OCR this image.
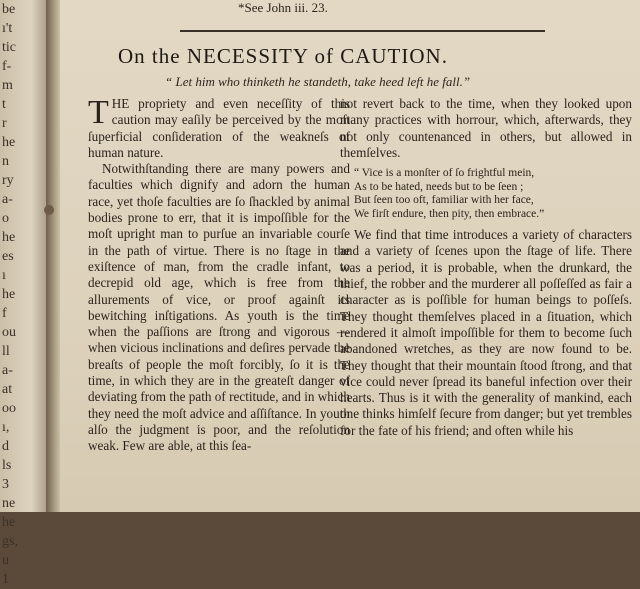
be
ı't
tic
f-
m
t
r
he
n
ry
a-
o
he
es
ı
he
f
ou
ll
a-
at
oo
ı,
d
ls
3
ne
he
gs,
u
1
*See John iii. 23.
On the NECESSITY of CAUTION.
“ Let him who thinketh he standeth, take heed left he fall.”

THE propriety and even neceſſity of this caution may eaſily be perceived by the moſt ſuperficial conſideration of the weakneſs of human nature.

Notwithſtanding there are many powers and faculties which dignify and adorn the human race, yet thoſe faculties are ſo ſhackled by animal bodies prone to err, that it is impoſſible for the moſt upright man to purſue an invariable courſe in the path of virtue. There is no ſtage in the exiſtence of man, from the cradle infant, to decrepid old age, which is free from the allurements of vice, or proof againſt its bewitching inſtigations. As youth is the time when the paſſions are ſtrong and vigorous —when vicious inclinations and deſires pervade the breaſts of people the moſt forcibly, ſo it is the time, in which they are in the greateſt danger of deviating from the path of rectitude, and in which they need the moſt advice and aſſiſtance. In youth alſo the judgment is poor, and the reſolution weak. Few are able, at this ſea-

not revert back to the time, when they looked upon many practices with horrour, which, afterwards, they not only countenanced in others, but allowed in themſelves.

“ Vice is a monſter of ſo frightful mein,
As to be hated, needs but to be ſeen ;
But ſeen too oft, familiar with her face,
We firſt endure, then pity, then embrace.”

We find that time introduces a variety of characters and a variety of ſcenes upon the ſtage of life. There was a period, it is probable, when the drunkard, the thief, the robber and the murderer all poſſeſſed as fair a character as is poſſible for human beings to poſſeſs. They thought themſelves placed in a ſituation, which rendered it almoſt impoſſible for them to become ſuch abandoned wretches, as they are now found to be. They thought that their mountain ſtood ſtrong, and that vice could never ſpread its baneful infection over their hearts. Thus is it with the generality of mankind, each one thinks himſelf ſecure from danger; but yet trembles for the fate of his friend; and often while his
